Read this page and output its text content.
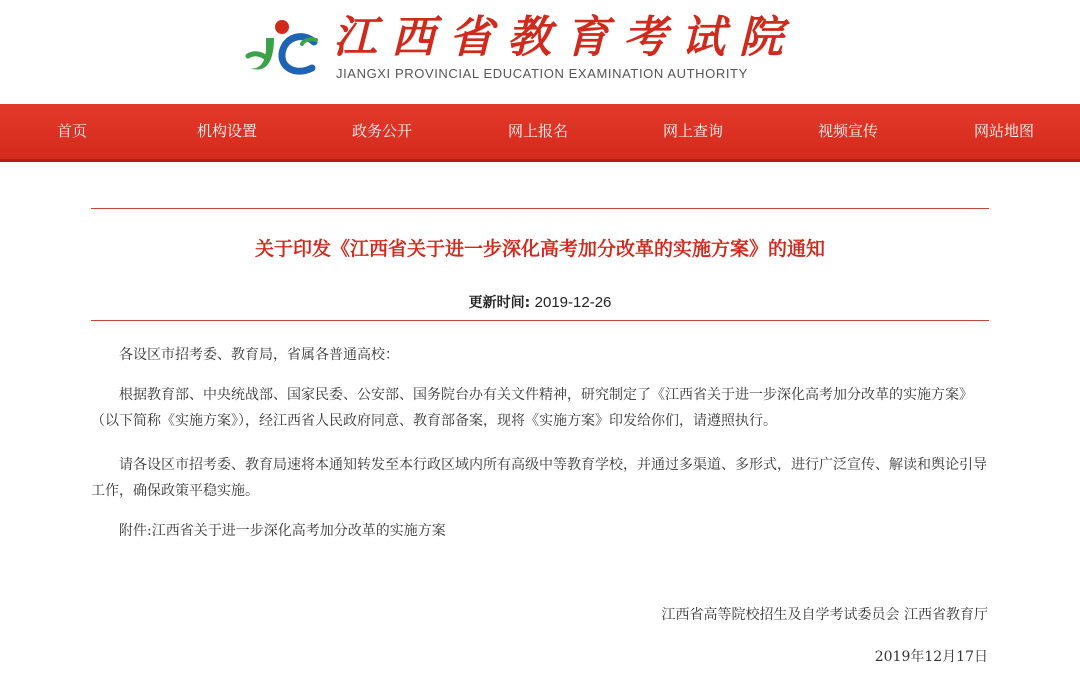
江西省教育考试院
JIANGXI PROVINCIAL EDUCATION EXAMINATION AUTHORITY
首页	机构设置	政务公开	网上报名	网上查询	视频宣传	网站地图
关于印发《江西省关于进一步深化高考加分改革的实施方案》的通知
更新时间: 2019-12-26

各设区市招考委、教育局，省属各普通高校：

根据教育部、中央统战部、国家民委、公安部、国务院台办有关文件精神，研究制定了《江西省关于进一步深化高考加分改革的实施方案》（以下简称《实施方案》），经江西省人民政府同意、教育部备案，现将《实施方案》印发给你们，请遵照执行。

请各设区市招考委、教育局速将本通知转发至本行政区域内所有高级中等教育学校，并通过多渠道、多形式，进行广泛宣传、解读和舆论引导工作，确保政策平稳实施。

附件:江西省关于进一步深化高考加分改革的实施方案

江西省高等院校招生及自学考试委员会 江西省教育厅
2019年12月17日
